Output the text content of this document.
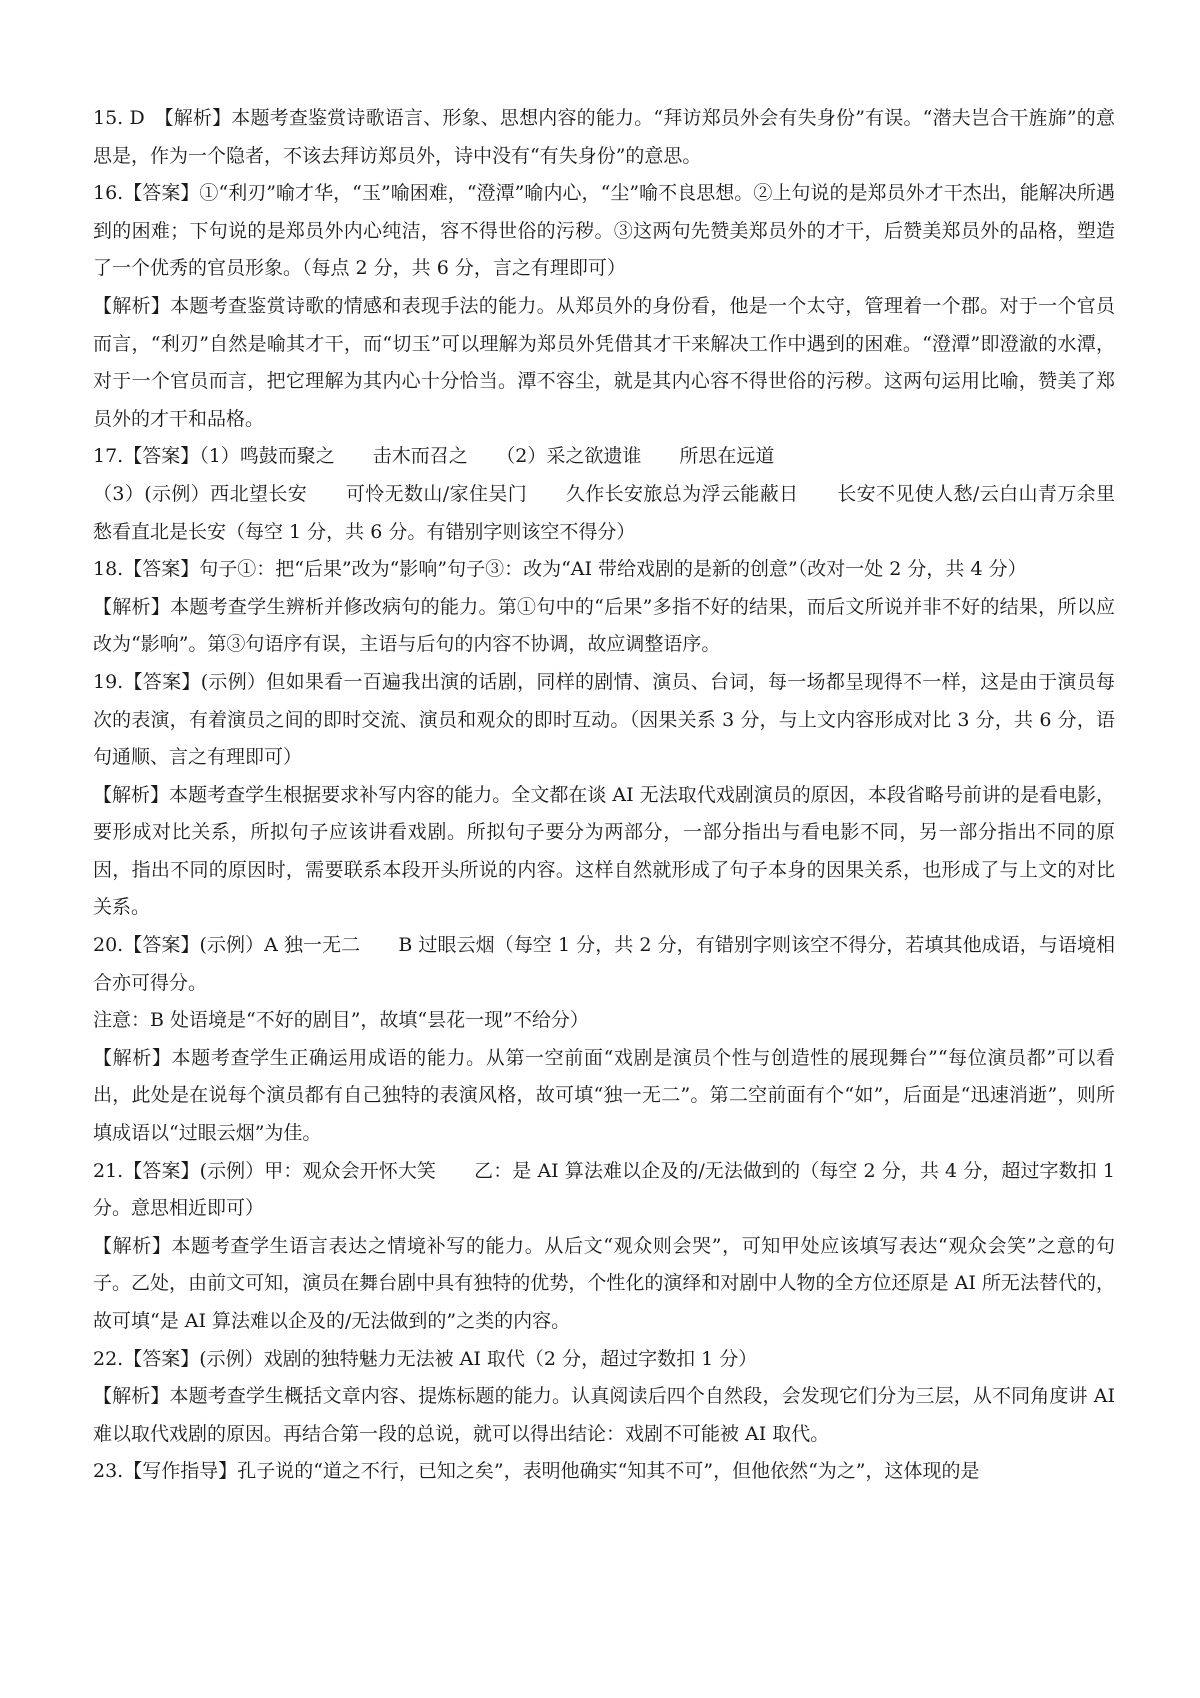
15. D　【解析】本题考查鉴赏诗歌语言、形象、思想内容的能力。“拜访郑员外会有失身份”有误。“潜夫岂合干旌旆”的意思是，作为一个隐者，不该去拜访郑员外，诗中没有“有失身份”的意思。

16.【答案】①“利刃”喻才华，“玉”喻困难，“澄潭”喻内心，“尘”喻不良思想。②上句说的是郑员外才干杰出，能解决所遇到的困难；下句说的是郑员外内心纯洁，容不得世俗的污秽。③这两句先赞美郑员外的才干，后赞美郑员外的品格，塑造了一个优秀的官员形象。（每点 2 分，共 6 分，言之有理即可）

【解析】本题考查鉴赏诗歌的情感和表现手法的能力。从郑员外的身份看，他是一个太守，管理着一个郡。对于一个官员而言，“利刃”自然是喻其才干，而“切玉”可以理解为郑员外凭借其才干来解决工作中遇到的困难。“澄潭”即澄澈的水潭，对于一个官员而言，把它理解为其内心十分恰当。潭不容尘，就是其内心容不得世俗的污秽。这两句运用比喻，赞美了郑员外的才干和品格。

17.【答案】（1）鸣鼓而聚之　　击木而召之　　（2）采之欲遗谁　　所思在远道

（3）(示例）西北望长安　　可怜无数山/家住吴门　　久作长安旅总为浮云能蔽日　　长安不见使人愁/云白山青万余里　　愁看直北是长安（每空 1 分，共 6 分。有错别字则该空不得分）

18.【答案】句子①：把“后果”改为“影响”句子③：改为“AI 带给戏剧的是新的创意”（改对一处 2 分，共 4 分）

【解析】本题考查学生辨析并修改病句的能力。第①句中的“后果”多指不好的结果，而后文所说并非不好的结果，所以应改为“影响”。第③句语序有误，主语与后句的内容不协调，故应调整语序。

19.【答案】(示例）但如果看一百遍我出演的话剧，同样的剧情、演员、台词，每一场都呈现得不一样，这是由于演员每次的表演，有着演员之间的即时交流、演员和观众的即时互动。（因果关系 3 分，与上文内容形成对比 3 分，共 6 分，语句通顺、言之有理即可）

【解析】本题考查学生根据要求补写内容的能力。全文都在谈 AI 无法取代戏剧演员的原因，本段省略号前讲的是看电影，要形成对比关系，所拟句子应该讲看戏剧。所拟句子要分为两部分，一部分指出与看电影不同，另一部分指出不同的原因，指出不同的原因时，需要联系本段开头所说的内容。这样自然就形成了句子本身的因果关系，也形成了与上文的对比关系。

20.【答案】(示例）A 独一无二　　B 过眼云烟（每空 1 分，共 2 分，有错别字则该空不得分，若填其他成语，与语境相合亦可得分。

注意：B 处语境是“不好的剧目”，故填“昙花一现”不给分）

【解析】本题考查学生正确运用成语的能力。从第一空前面“戏剧是演员个性与创造性的展现舞台”“每位演员都”可以看出，此处是在说每个演员都有自己独特的表演风格，故可填“独一无二”。第二空前面有个“如”，后面是“迅速消逝”，则所填成语以“过眼云烟”为佳。

21.【答案】(示例）甲：观众会开怀大笑　　乙：是 AI 算法难以企及的/无法做到的（每空 2 分，共 4 分，超过字数扣 1 分。意思相近即可）

【解析】本题考查学生语言表达之情境补写的能力。从后文“观众则会哭”，可知甲处应该填写表达“观众会笑”之意的句子。乙处，由前文可知，演员在舞台剧中具有独特的优势，个性化的演绎和对剧中人物的全方位还原是 AI 所无法替代的，故可填“是 AI 算法难以企及的/无法做到的”之类的内容。

22.【答案】(示例）戏剧的独特魅力无法被 AI 取代（2 分，超过字数扣 1 分）

【解析】本题考查学生概括文章内容、提炼标题的能力。认真阅读后四个自然段，会发现它们分为三层，从不同角度讲 AI 难以取代戏剧的原因。再结合第一段的总说，就可以得出结论：戏剧不可能被 AI 取代。

23.【写作指导】孔子说的“道之不行，已知之矣”，表明他确实“知其不可”，但他依然“为之”，这体现的是
